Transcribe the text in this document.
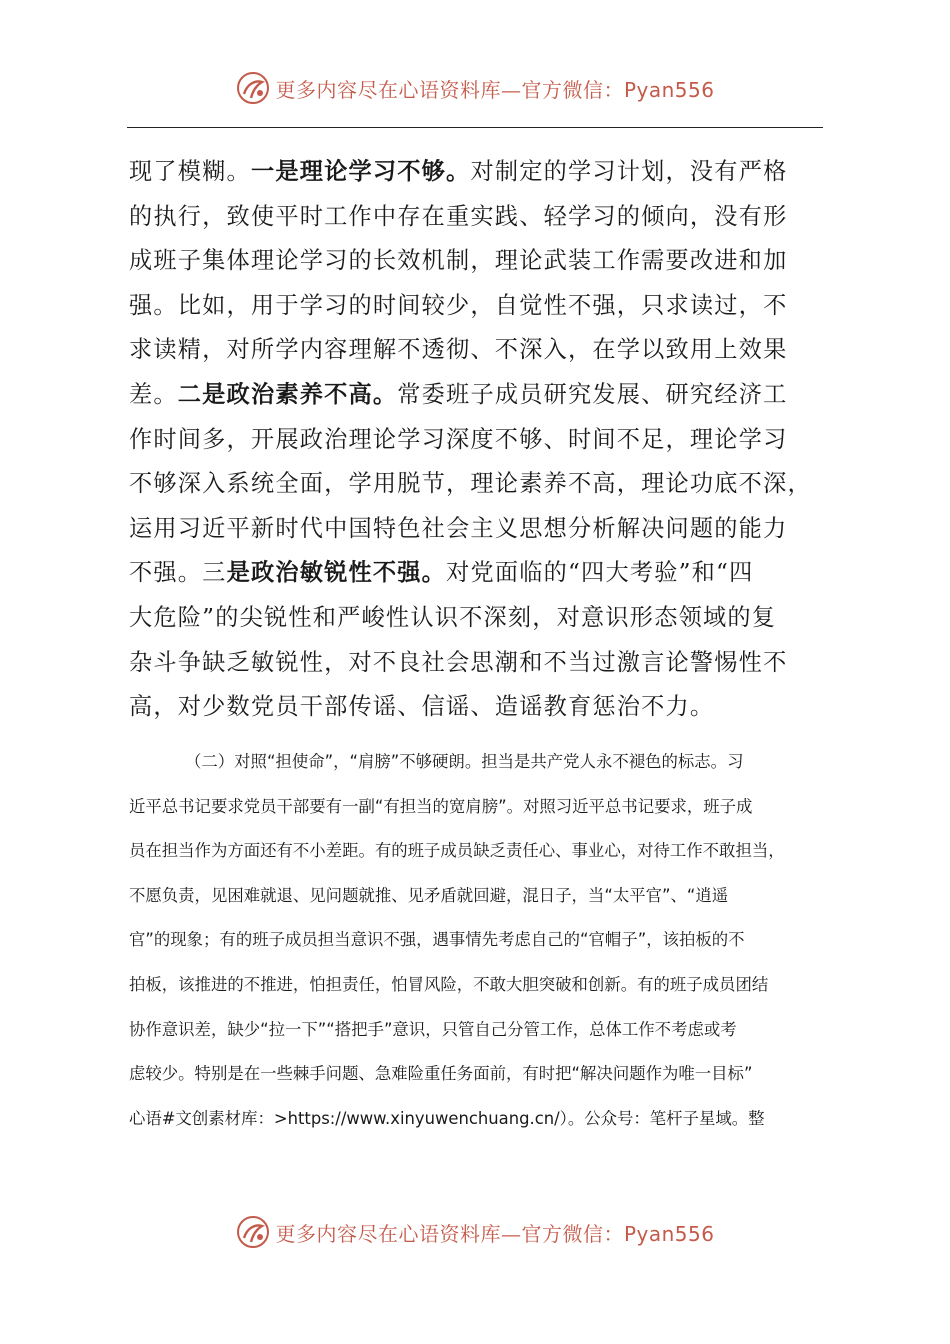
更多内容尽在心语资料库—官方微信：Pyan556
现了模糊。一是理论学习不够。对制定的学习计划，没有严格
的执行，致使平时工作中存在重实践、轻学习的倾向，没有形
成班子集体理论学习的长效机制，理论武装工作需要改进和加
强。比如，用于学习的时间较少，自觉性不强，只求读过，不
求读精，对所学内容理解不透彻、不深入，在学以致用上效果
差。二是政治素养不高。常委班子成员研究发展、研究经济工
作时间多，开展政治理论学习深度不够、时间不足，理论学习
不够深入系统全面，学用脱节，理论素养不高，理论功底不深，
运用习近平新时代中国特色社会主义思想分析解决问题的能力
不强。三是政治敏锐性不强。对党面临的“四大考验”和“四
大危险”的尖锐性和严峻性认识不深刻，对意识形态领域的复
杂斗争缺乏敏锐性，对不良社会思潮和不当过激言论警惕性不
高，对少数党员干部传谣、信谣、造谣教育惩治不力。
（二）对照“担使命”，“肩膀”不够硬朗。担当是共产党人永不褪色的标志。习
近平总书记要求党员干部要有一副“有担当的宽肩膀”。对照习近平总书记要求，班子成
员在担当作为方面还有不小差距。有的班子成员缺乏责任心、事业心，对待工作不敢担当，
不愿负责，见困难就退、见问题就推、见矛盾就回避，混日子，当“太平官”、“逍遥
官”的现象；有的班子成员担当意识不强，遇事情先考虑自己的“官帽子”，该拍板的不
拍板，该推进的不推进，怕担责任，怕冒风险，不敢大胆突破和创新。有的班子成员团结
协作意识差，缺少“拉一下”“搭把手”意识，只管自己分管工作，总体工作不考虑或考
虑较少。特别是在一些棘手问题、急难险重任务面前，有时把“解决问题作为唯一目标”
心语#文创素材库：>https://www.xinyuwenchuang.cn/）。公众号：笔杆子星域。整
更多内容尽在心语资料库—官方微信：Pyan556
